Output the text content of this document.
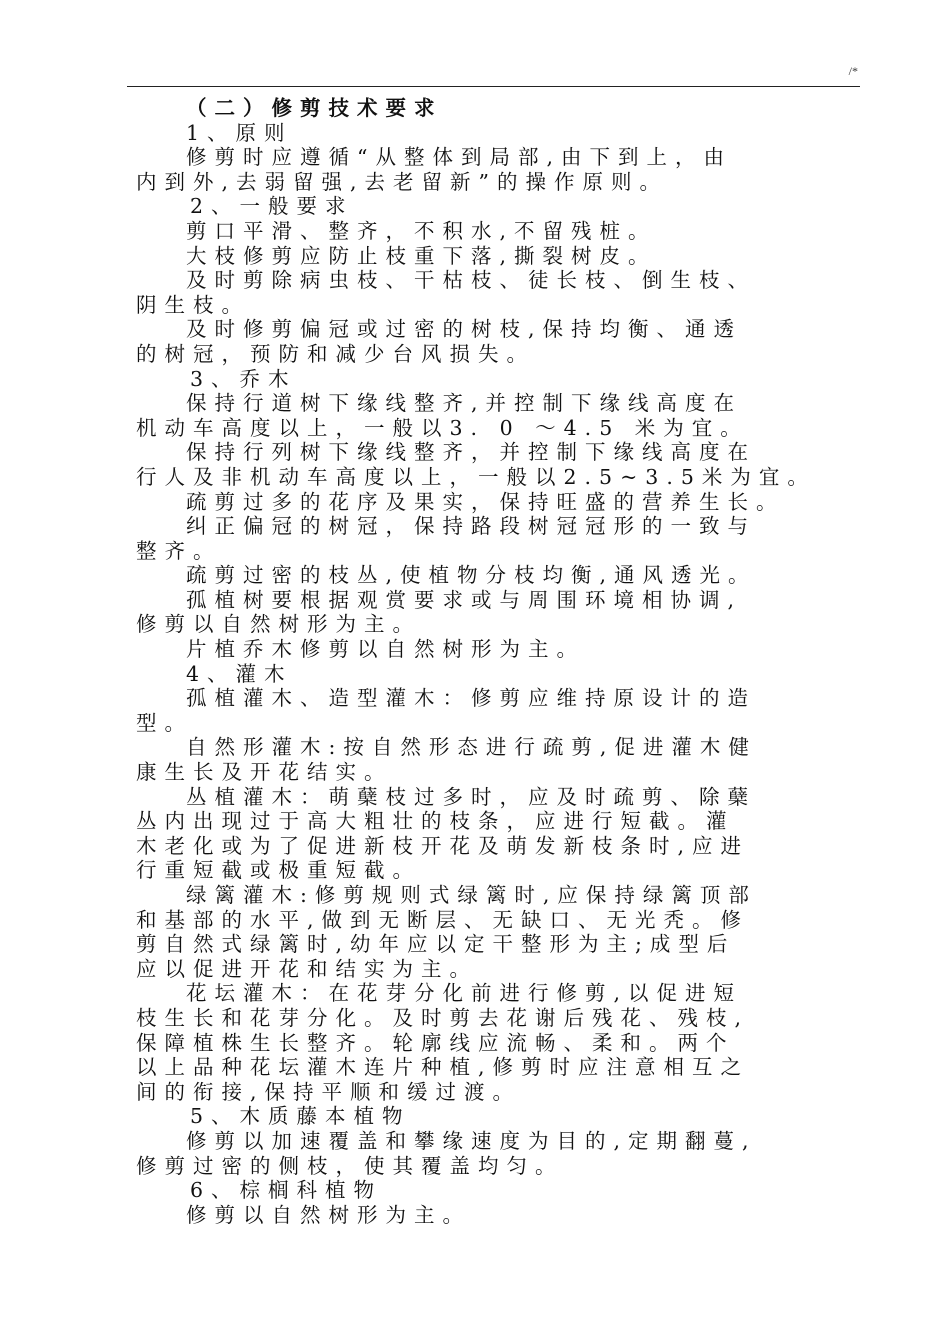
/*
（二）修剪技术要求
1、原则
修剪时应遵循“从整体到局部,由下到上，由
内到外,去弱留强,去老留新”的操作原则。
2、一般要求
剪口平滑、整齐，不积水,不留残桩。
大枝修剪应防止枝重下落,撕裂树皮。
及时剪除病虫枝、干枯枝、徒长枝、倒生枝、
阴生枝。
及时修剪偏冠或过密的树枝,保持均衡、通透
的树冠，预防和减少台风损失。
3、乔木
保持行道树下缘线整齐,并控制下缘线高度在
机动车高度以上，一般以3. 0 ～4.5 米为宜。
保持行列树下缘线整齐，并控制下缘线高度在
行人及非机动车高度以上，一般以2.5~3.5米为宜。
疏剪过多的花序及果实，保持旺盛的营养生长。
纠正偏冠的树冠，保持路段树冠冠形的一致与
整齐。
疏剪过密的枝丛,使植物分枝均衡,通风透光。
孤植树要根据观赏要求或与周围环境相协调,
修剪以自然树形为主。
片植乔木修剪以自然树形为主。
4、灌木
孤植灌木、造型灌木：修剪应维持原设计的造
型。
自然形灌木:按自然形态进行疏剪,促进灌木健
康生长及开花结实。
丛植灌木：萌蘖枝过多时，应及时疏剪、除蘖
丛内出现过于高大粗壮的枝条，应进行短截。灌
木老化或为了促进新枝开花及萌发新枝条时,应进
行重短截或极重短截。
绿篱灌木:修剪规则式绿篱时,应保持绿篱顶部
和基部的水平,做到无断层、无缺口、无光秃。修
剪自然式绿篱时,幼年应以定干整形为主;成型后
应以促进开花和结实为主。
花坛灌木：在花芽分化前进行修剪,以促进短
枝生长和花芽分化。及时剪去花谢后残花、残枝,
保障植株生长整齐。轮廓线应流畅、柔和。两个
以上品种花坛灌木连片种植,修剪时应注意相互之
间的衔接,保持平顺和缓过渡。
5、木质藤本植物
修剪以加速覆盖和攀缘速度为目的,定期翻蔓,
修剪过密的侧枝，使其覆盖均匀。
6、棕榈科植物
修剪以自然树形为主。
